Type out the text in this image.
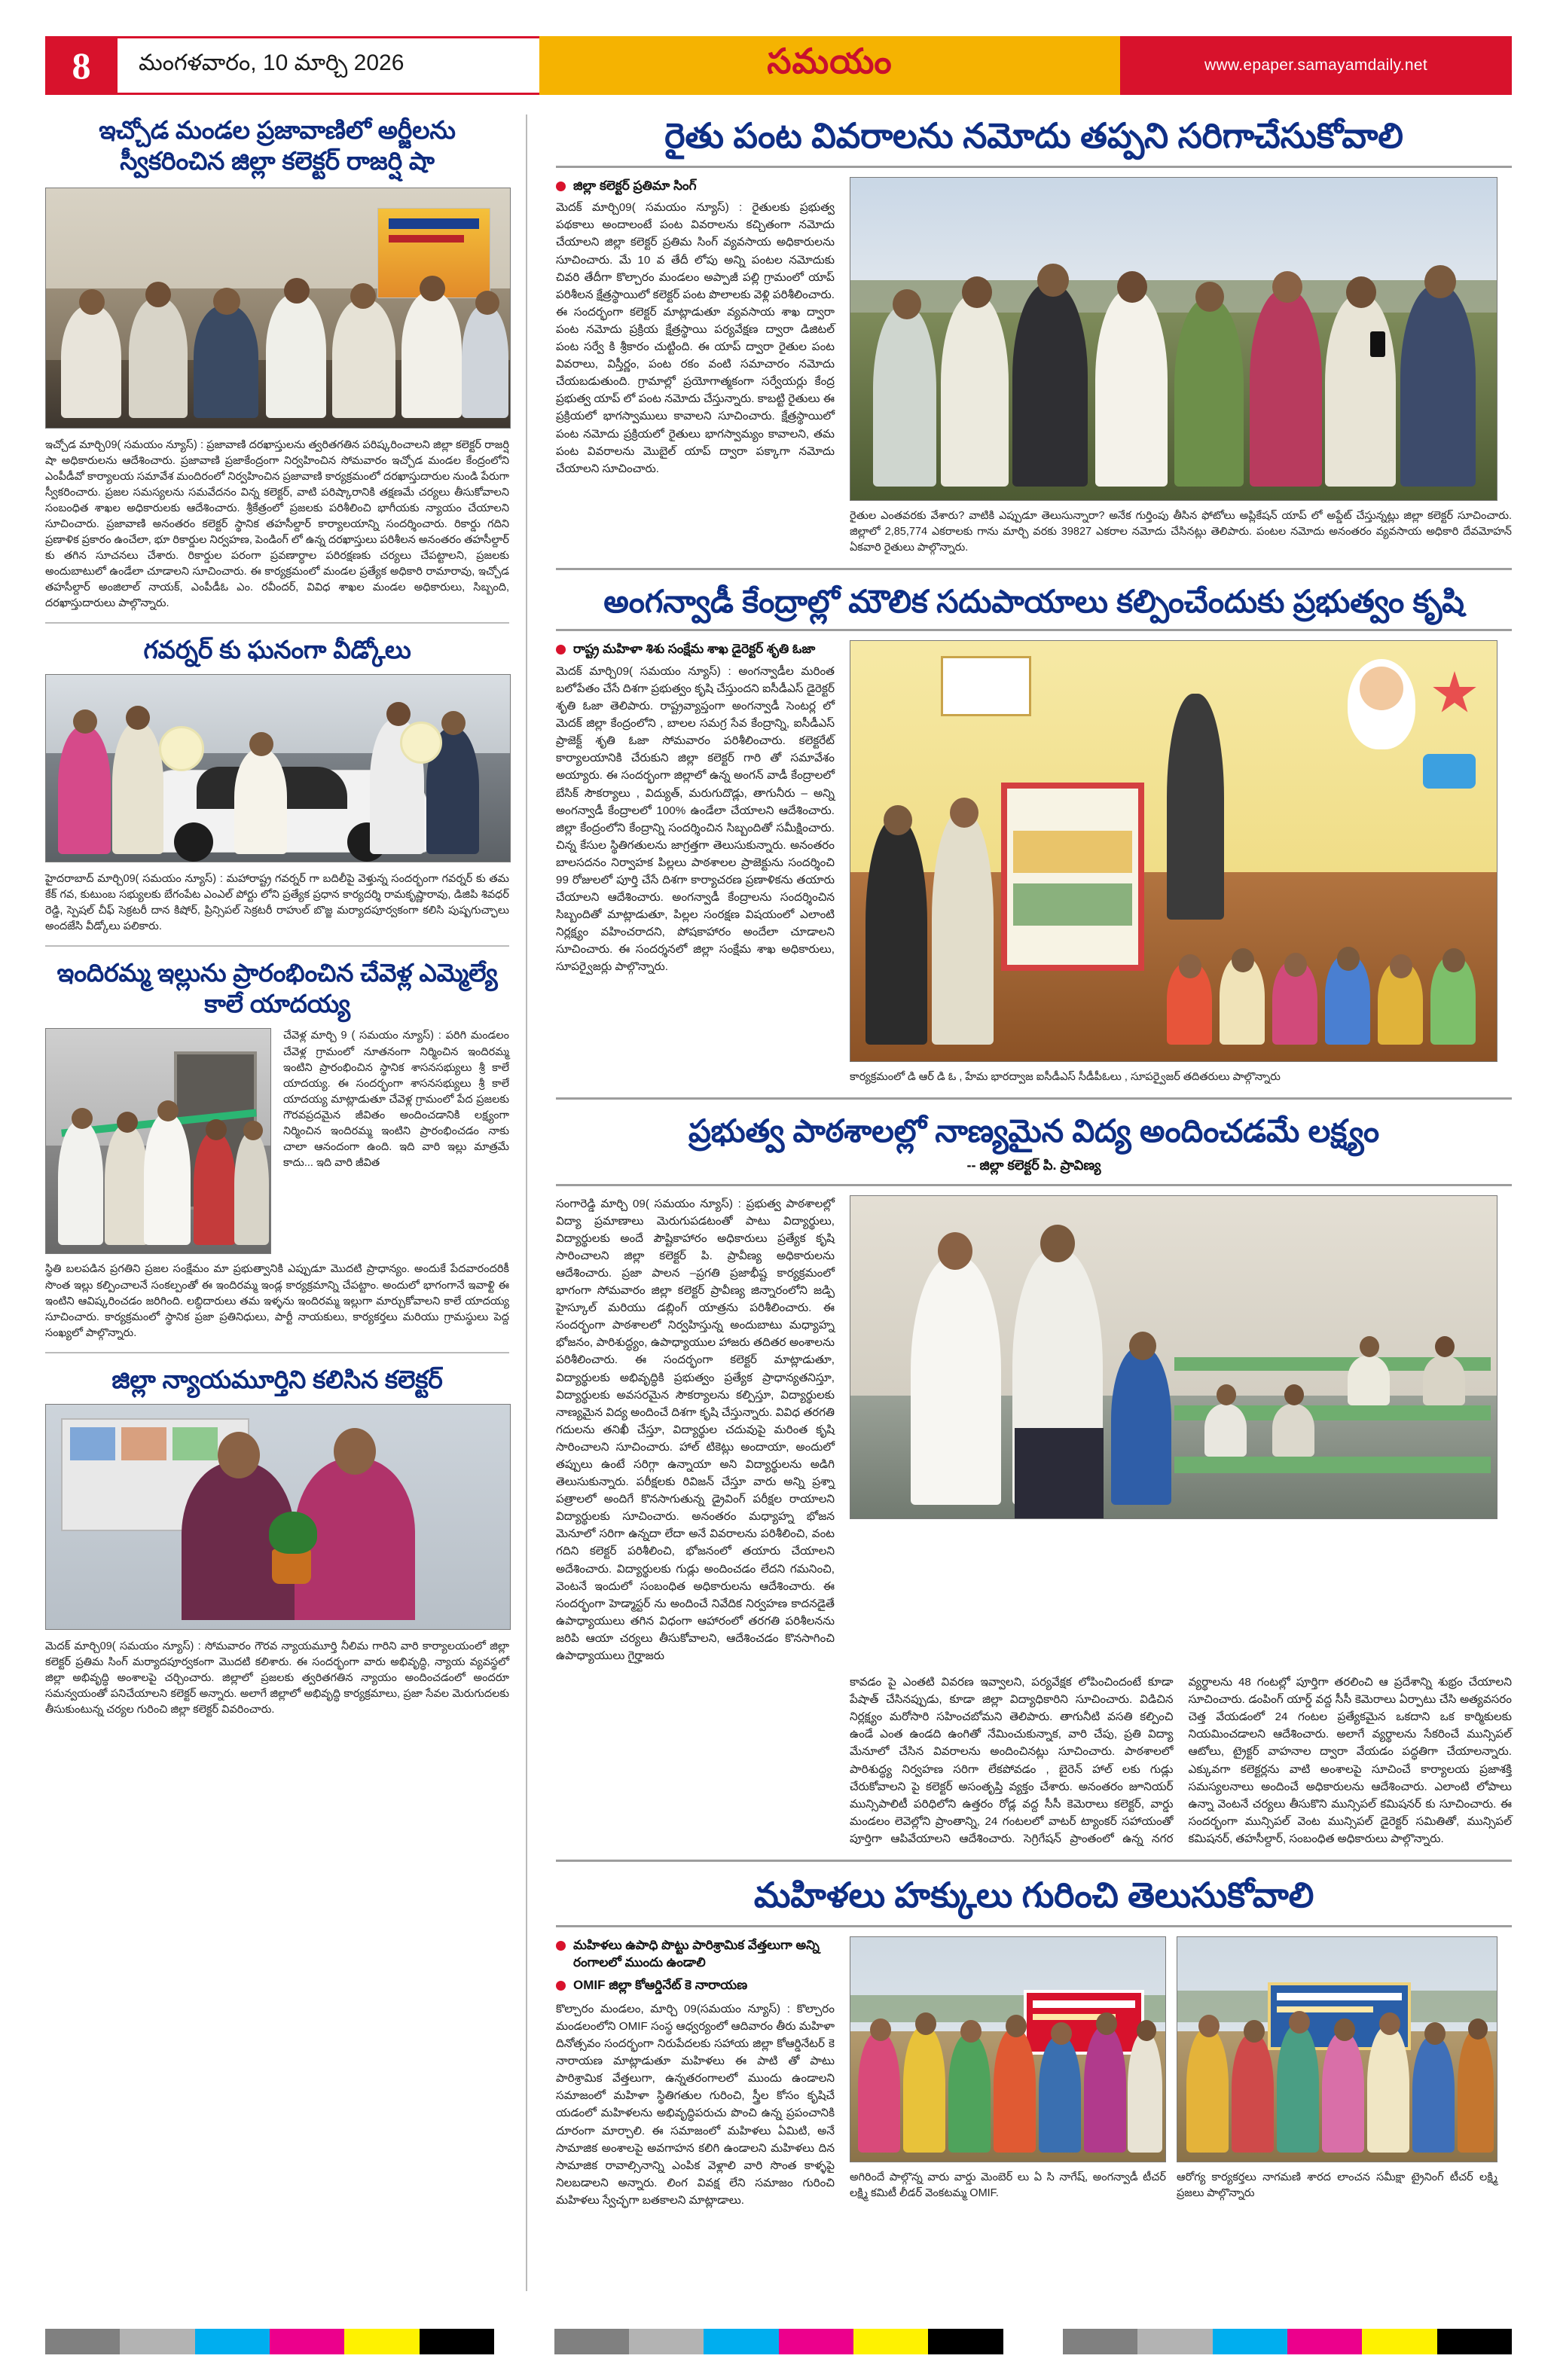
8	మంగళవారం, 10 మార్చి 2026	సమయం	www.epaper.samayamdaily.net
ఇచ్చోడ మండల ప్రజావాణిలో అర్జీలను స్వీకరించిన జిల్లా కలెక్టర్ రాజర్షి షా
ఇచ్చోడ మార్చి09( సమయం న్యూస్) : ప్రజావాణి దరఖాస్తులను త్వరితగతిన పరిష్కరించాలని జిల్లా కలెక్టర్ రాజర్షి షా అధికారులను ఆదేశించారు. ప్రజావాణి ప్రజాకేంద్రంగా నిర్వహించిన సోమవారం ఇచ్చోడ మండల కేంద్రంలోని ఎంపీడీవో కార్యాలయ సమావేశ మందిరంలో నిర్వహించిన ప్రజావాణి కార్యక్రమంలో దరఖాస్తుదారుల నుండి పేరుగా స్వీకరించారు. ప్రజల సమస్యలను సమవేదనం విన్న కలెక్టర్, వాటి పరిష్కారానికి తక్షణమే చర్యలు తీసుకోవాలని సంబంధిత శాఖల అధికారులకు ఆదేశించారు. శ్రీకేత్రంలో ప్రజలకు పరిశీలించి భాగీయకు న్యాయం చేయాలని సూచించారు. ప్రజావాణి అనంతరం కలెక్టర్ స్థానిక తహసీల్దార్ కార్యాలయాన్ని సందర్శించారు. రికార్డు గదిని ప్రణాళిక ప్రకారం ఉంచేలా, భూ రికార్డుల నిర్వహణ, పెండింగ్ లో ఉన్న దరఖాస్తులు పరిశీలన అనంతరం తహసీల్దార్ కు తగిన సూచనలు చేశారు. రికార్డుల పరంగా ప్రవణార్ధాల పరిరక్షణకు చర్యలు చేపట్టాలని, ప్రజలకు అందుబాటులో ఉండేలా చూడాలని సూచించారు. ఈ కార్యక్రమంలో మండల ప్రత్యేక అధికారి రామారావు, ఇచ్చోడ తహసీల్దార్ అంజిలాల్ నాయక్, ఎంపీడీఓ ఎం. రవీందర్, వివిధ శాఖల మండల అధికారులు, సిబ్బంది, దరఖాస్తుదారులు పాల్గొన్నారు.
గవర్నర్ కు ఘనంగా వీడ్కోలు
హైదరాబాద్ మార్చి09( సమయం న్యూస్) : మహారాష్ట్ర గవర్నర్ గా బదిలీపై వెళ్తున్న సందర్భంగా గవర్నర్ కు తమ కేక్ గవ, కుటుంబ సభ్యులకు బేగంపేట ఎంఎల్ పోర్టు లోని ప్రత్యేక ప్రధాన కార్యదర్శి రామకృష్ణారావు, డిజిపి శివధర్ రెడ్డి, స్పెషల్ చీఫ్ సెక్రటరీ దాన కిషోర్, ప్రిన్సిపల్ సెక్రటరీ రాహుల్ బొజ్జ మర్యాదపూర్వకంగా కలిసి పుష్పగుచ్ఛాలు అందజేసి వీడ్కోలు పలికారు.
ఇందిరమ్మ ఇల్లును ప్రారంభించిన చేవెళ్ల ఎమ్మెల్యే కాలే యాదయ్య
చేవెళ్ల మార్చి 9 ( సమయం న్యూస్) : పరిగి మండలం చేవెళ్ల గ్రామంలో నూతనంగా నిర్మించిన ఇందిరమ్మ ఇంటిని ప్రారంభించిన స్థానిక శాసనసభ్యులు శ్రీ కాలే యాదయ్య. ఈ సందర్భంగా శాసనసభ్యులు శ్రీ కాలే యాదయ్య మాట్లాడుతూ చేవెళ్ల గ్రామంలో పేద ప్రజలకు గౌరవప్రదమైన జీవితం అందించడానికి లక్ష్యంగా నిర్మించిన ఇందిరమ్మ ఇంటిని ప్రారంభించడం నాకు చాలా ఆనందంగా ఉంది. ఇది వారి ఇల్లు మాత్రమే కాదు... ఇది వారి జీవిత
స్థితి బలపడిన ప్రగతిని ప్రజల సంక్షేమం మా ప్రభుత్వానికి ఎప్పుడూ మొదటి ప్రాధాన్యం. అందుకే పేదవారందరికీ సొంత ఇల్లు కల్పించాలనే సంకల్పంతో ఈ ఇందిరమ్మ ఇండ్ల కార్యక్రమాన్ని చేపట్టాం. అందులో భాగంగానే ఇవాళ్టి ఈ ఇంటిని ఆవిష్కరించడం జరిగింది. లబ్ధిదారులు తమ ఇళ్ళను ఇందిరమ్మ ఇల్లుగా మార్చుకోవాలని కాలే యాదయ్య సూచించారు. కార్యక్రమంలో స్థానిక ప్రజా ప్రతినిధులు, పార్టీ నాయకులు, కార్యకర్తలు మరియు గ్రామస్థులు పెద్ద సంఖ్యలో పాల్గొన్నారు.
జిల్లా న్యాయమూర్తిని కలిసిన కలెక్టర్
మెదక్ మార్చి09( సమయం న్యూస్) : సోమవారం గౌరవ న్యాయమూర్తి నీలిమ గారిని వారి కార్యాలయంలో జిల్లా కలెక్టర్ ప్రతిమ సింగ్ మర్యాదపూర్వకంగా మొదటి కలిశారు. ఈ సందర్భంగా వారు అభివృద్ధి, న్యాయ వ్యవస్థలో జిల్లా అభివృద్ధి అంశాలపై చర్చించారు. జిల్లాలో ప్రజలకు త్వరితగతిన న్యాయం అందించడంలో అందరూ సమన్వయంతో పనిచేయాలని కలెక్టర్ అన్నారు. అలాగే జిల్లాలో అభివృద్ధి కార్యక్రమాలు, ప్రజా సేవల మెరుగుదలకు తీసుకుంటున్న చర్యల గురించి జిల్లా కలెక్టర్ వివరించారు.
రైతు పంట వివరాలను నమోదు తప్పని సరిగాచేసుకోవాలి
జిల్లా కలెక్టర్ ప్రతిమా సింగ్
మెదక్ మార్చి09( సమయం న్యూస్) : రైతులకు ప్రభుత్వ పథకాలు అందాలంటే పంట వివరాలను కచ్చితంగా నమోదు చేయాలని జిల్లా కలెక్టర్ ప్రతిమ సింగ్ వ్యవసాయ అధికారులను సూచించారు. మే 10 వ తేదీ లోపు అన్ని పంటల నమోదుకు చివరి తేదీగా కొల్చారం మండలం అప్పాజీ పల్లి గ్రామంలో యాప్ పరిశీలన క్షేత్రస్థాయిలో కలెక్టర్ పంట పొలాలకు వెళ్లి పరిశీలించారు. ఈ సందర్భంగా కలెక్టర్ మాట్లాడుతూ వ్యవసాయ శాఖ ద్వారా పంట నమోదు ప్రక్రియ క్షేత్రస్థాయి పర్యవేక్షణ ద్వారా డిజిటల్ పంట సర్వే కి శ్రీకారం చుట్టింది. ఈ యాప్ ద్వారా రైతుల పంట వివరాలు, విస్తీర్ణం, పంట రకం వంటి సమాచారం నమోదు చేయబడుతుంది. గ్రామాల్లో ప్రయోగాత్మకంగా సర్వేయర్లు కేంద్ర ప్రభుత్వ యాప్ లో పంట నమోదు చేస్తున్నారు. కాబట్టి రైతులు ఈ ప్రక్రియలో భాగస్వాములు కావాలని సూచించారు. క్షేత్రస్థాయిలో పంట నమోదు ప్రక్రియలో రైతులు భాగస్వామ్యం కావాలని, తమ పంట వివరాలను మొబైల్ యాప్ ద్వారా పక్కాగా నమోదు చేయాలని సూచించారు.
రైతుల ఎంతవరకు వేశారు? వాటికి ఎప్పుడూ తెలుసున్నారా? అనేక గుర్తింపు తీసిన ఫోటోలు అప్లికేషన్ యాప్ లో అప్డేట్ చేస్తున్నట్లు జిల్లా కలెక్టర్ సూచించారు. జిల్లాలో 2,85,774 ఎకరాలకు గాను మార్చి వరకు 39827 ఎకరాల నమోదు చేసినట్లు తెలిపారు. పంటల నమోదు అనంతరం వ్యవసాయ అధికారి దేవమోహన్ ఏకవారి రైతులు పాల్గొన్నారు.
అంగన్వాడీ కేంద్రాల్లో మౌలిక సదుపాయాలు కల్పించేందుకు ప్రభుత్వం కృషి
రాష్ట్ర మహిళా శిశు సంక్షేమ శాఖ డైరెక్టర్ శృతి ఓజా
మెదక్ మార్చి09( సమయం న్యూస్) : అంగన్వాడీల మరింత బలోపేతం చేసే దిశగా ప్రభుత్వం కృషి చేస్తుందని ఐసీడీఎస్ డైరెక్టర్ శృతి ఓజా తెలిపారు. రాష్ట్రవ్యాప్తంగా అంగన్వాడీ సెంటర్ల లో మెదక్ జిల్లా కేంద్రంలోని , బాలల సమగ్ర సేవ కేంద్రాన్ని, ఐసీడీఎస్ ప్రాజెక్ట్ శృతి ఓజా సోమవారం పరిశీలించారు. కలెక్టరేట్ కార్యాలయానికి చేరుకుని జిల్లా కలెక్టర్ గారి తో సమావేశం అయ్యారు. ఈ సందర్భంగా జిల్లాలో ఉన్న అంగన్ వాడీ కేంద్రాలలో బేసిక్ సౌకర్యాలు , విద్యుత్, మరుగుదొడ్లు, తాగునీరు – అన్ని అంగన్వాడీ కేంద్రాలలో 100% ఉండేలా చేయాలని ఆదేశించారు. జిల్లా కేంద్రంలోని కేంద్రాన్ని సందర్శించిన సిబ్బందితో సమీక్షించారు. చిన్న కేసుల స్థితిగతులను జాగ్రత్తగా తెలుసుకున్నారు. అనంతరం బాలసదనం నిర్వాహక పిల్లలు పాఠశాలల ప్రాజెక్టును సందర్శించి 99 రోజులలో పూర్తి చేసే దిశగా కార్యాచరణ ప్రణాళికను తయారు చేయాలని ఆదేశించారు. అంగన్వాడీ కేంద్రాలను సందర్శించిన సిబ్బందితో మాట్లాడుతూ, పిల్లల సంరక్షణ విషయంలో ఎలాంటి నిర్లక్ష్యం వహించరాదని, పోషకాహారం అందేలా చూడాలని సూచించారు. ఈ సందర్శనలో జిల్లా సంక్షేమ శాఖ అధికారులు, సూపర్వైజర్లు పాల్గొన్నారు.
కార్యక్రమంలో డి ఆర్ డి ఓ , హేమ భారద్వాజ ఐసీడీఎస్ సీడీపీఓలు , సూపర్వైజర్ తదితరులు పాల్గొన్నారు
ప్రభుత్వ పాఠశాలల్లో నాణ్యమైన విద్య అందించడమే లక్ష్యం
-- జిల్లా కలెక్టర్ పి. ప్రావిణ్య
సంగారెడ్డి మార్చి 09( సమయం న్యూస్) : ప్రభుత్వ పాఠశాలల్లో విద్యా ప్రమాణాలు మెరుగుపడటంతో పాటు విద్యార్థులు, విద్యార్థులకు అందే పౌష్టికాహారం అధికారులు ప్రత్యేక కృషి సారించాలని జిల్లా కలెక్టర్ పి. ప్రావీణ్య అధికారులను ఆదేశించారు. ప్రజా పాలన –ప్రగతి ప్రజాభీష్ట కార్యక్రమంలో భాగంగా సోమవారం జిల్లా కలెక్టర్ ప్రావీణ్య జిన్నారంలోని జడ్పి హైస్కూల్ మరియు డబ్లింగ్ యాత్రను పరిశీలించారు. ఈ సందర్భంగా పాఠశాలలో నిర్వహిస్తున్న అందుబాటు మధ్యాహ్న భోజనం, పారిశుద్ధ్యం, ఉపాధ్యాయుల హాజరు తదితర అంశాలను పరిశీలించారు. ఈ సందర్భంగా కలెక్టర్ మాట్లాడుతూ, విద్యార్థులకు అభివృద్ధికి ప్రభుత్వం ప్రత్యేక ప్రాధాన్యతనిస్తూ, విద్యార్థులకు అవసరమైన సౌకర్యాలను కల్పిస్తూ, విద్యార్థులకు నాణ్యమైన విద్య అందించే దిశగా కృషి చేస్తున్నారు. వివిధ తరగతి గదులను తనిఖీ చేస్తూ, విద్యార్థుల చదువుపై మరింత కృషి సారించాలని సూచించారు. హాల్ టికెట్లు అందాయా, అందులో తప్పులు ఉంటే సరిగ్గా ఉన్నాయా అని విద్యార్థులను అడిగి తెలుసుకున్నారు. పరీక్షలకు రివిజన్ చేస్తూ వారు అన్ని ప్రశ్నా పత్రాలలో అందిగే కొనసాగుతున్న డ్రైవింగ్ పరీక్షల రాయాలని విద్యార్థులకు సూచించారు. అనంతరం మధ్యాహ్న భోజన మెనూలో సరిగా ఉన్నదా లేదా అనే వివరాలను పరిశీలించి, వంట గదిని కలెక్టర్ పరిశీలించి, భోజనంలో తయారు చేయాలని అదేశించారు. విద్యార్థులకు గుడ్లు అందించడం లేదని గమనించి, వెంటనే ఇందులో సంబంధిత అధికారులను ఆదేశించారు. ఈ సందర్భంగా హెడ్మాస్టర్ ను అందించే నివేదిక నిర్వహణ కాదనడైతే ఉపాధ్యాయులు తగిన విధంగా ఆహారంలో తరగతి పరిశీలనను జరిపి ఆయా చర్యలు తీసుకోవాలని, ఆదేశించడం కొనసాగించి ఉపాధ్యాయులు గైర్హాజరు
కావడం పై ఎంతటి వివరణ ఇవ్వాలని, పర్యవేక్షక లోపించిందంటే కూడా పేషాత్ చేసినప్పుడు, కూడా జిల్లా విద్యాధికారిని సూచించారు. విడిచిన నిర్లక్ష్యం మరోసారి సహించబోమని తెలిపారు. తాగునీటి వసతి కల్పించి ఉండే ఎంత ఉండది ఉంగితో నేమించుకున్నాక, వారి చేపు, ప్రతి విద్యా మేనూలో చేసిన వివరాలను అందించినట్లు సూచించారు. పాఠశాలలో పారిశుద్ధ్య నిర్వహణ సరిగా లేకపోవడం , బైరెన్ హాల్ లకు గుడ్లు చేరుకోవాలని పై కలెక్టర్ అసంతృప్తి వ్యక్తం చేశారు. అనంతరం జూనియర్ మున్సిపాలిటీ పరిధిలోని ఉత్తరం రోడ్ల వద్ద సీసీ కెమెరాలు కలెక్టర్, వార్డు మండలం లెవెల్లోని ప్రాంతాన్ని, 24 గంటలలో వాటర్ ట్యాంకర్ సహాయంతో పూర్తిగా ఆపివేయాలని ఆదేశించారు. సెగ్రిగేషన్ ప్రాంతంలో ఉన్న నగర వ్యర్థాలను 48 గంటల్లో పూర్తిగా తరలించి ఆ ప్రదేశాన్ని శుభ్రం చేయాలని సూచించారు. డంపింగ్ యార్డ్ వద్ద సీసీ కెమెరాలు ఏర్పాటు చేసి అత్యవసరం చెత్త వేయడంలో 24 గంటల ప్రత్యేకమైన ఒకదాని ఒక కార్మికులకు నియమించడాలని ఆదేశించారు. అలాగే వ్యర్థాలను సేకరించే మున్సిపల్ ఆటోలు, ట్రైక్టర్ వాహనాల ద్వారా వేయడం పద్ధతిగా చేయాలన్నారు. ఎక్కువగా కలెక్టర్లను వాటి అంశాలపై సూచించే కార్యాలయ ప్రజాశక్తి సమస్యలనాలు అందించే అధికారులను ఆదేశించారు. ఎలాంటి లోపాలు ఉన్నా వెంటనే చర్యలు తీసుకొని మున్సిపల్ కమిషనర్ కు సూచించారు. ఈ సందర్భంగా మున్సిపల్ వెంట మున్సిపల్ డైరెక్టర్ సమితితో, మున్సిపల్ కమిషనర్, తహసీల్దార్, సంబంధిత అధికారులు పాల్గొన్నారు.
మహిళలు హక్కులు గురించి తెలుసుకోవాలి
మహిళలు ఉపాధి పొట్టు పారిశ్రామిక వేత్తలుగా అన్ని రంగాలలో ముందు ఉండాలి
OMIF జిల్లా కోఆర్డినేట్ కె నారాయణ
కొల్చారం మండలం, మార్చి 09(సమయం న్యూస్) : కొల్చారం మండలంలోని OMIF సంస్థ ఆధ్వర్యంలో ఆదివారం తీరు మహిళా దినోత్సవం సందర్భంగా నిరుపేదలకు సహాయ జిల్లా కోఆర్డినేటర్ కె నారాయణ మాట్లాడుతూ మహిళలు ఈ పాటి తో పాటు పారిశ్రామిక వేత్తలుగా, ఉన్నతరంగాలలో ముందు ఉండాలని సమాజంలో మహిళా స్థితిగతుల గురించి, స్త్రీల కోసం కృషిచే యడంలో మహిళలను అభివృద్ధిపరుచు పొంచి ఉన్న ప్రపంచానికి దూరంగా మార్చాలి. ఈ సమాజంలో మహిళలు ఏమిటి, అనే సామాజిక అంశాలపై అవగాహన కలిగి ఉండాలని మహిళలు దిన సామాజిక రావాల్సినాన్ని ఎంపిక వెళ్లాలి వారి సొంత కాళ్ళపై నిలబడాలని అన్నారు. లింగ వివక్ష లేని సమాజం గురించి మహిళలు స్వేచ్ఛగా బతకాలని మాట్లాడాలు.
అగిరిందే పాల్గొన్న వారు వార్డు మెంబెర్ లు ఏ సి నాగేష్, అంగన్వాడీ టీచర్ లక్ష్మి కమిటీ లీడర్ వెంకటమ్మ OMIF.
ఆరోగ్య కార్యకర్తలు నాగమణి శారద లాంచన సమీక్షా ట్రైనింగ్ టీచర్ లక్ష్మి ప్రజలు పాల్గొన్నారు
